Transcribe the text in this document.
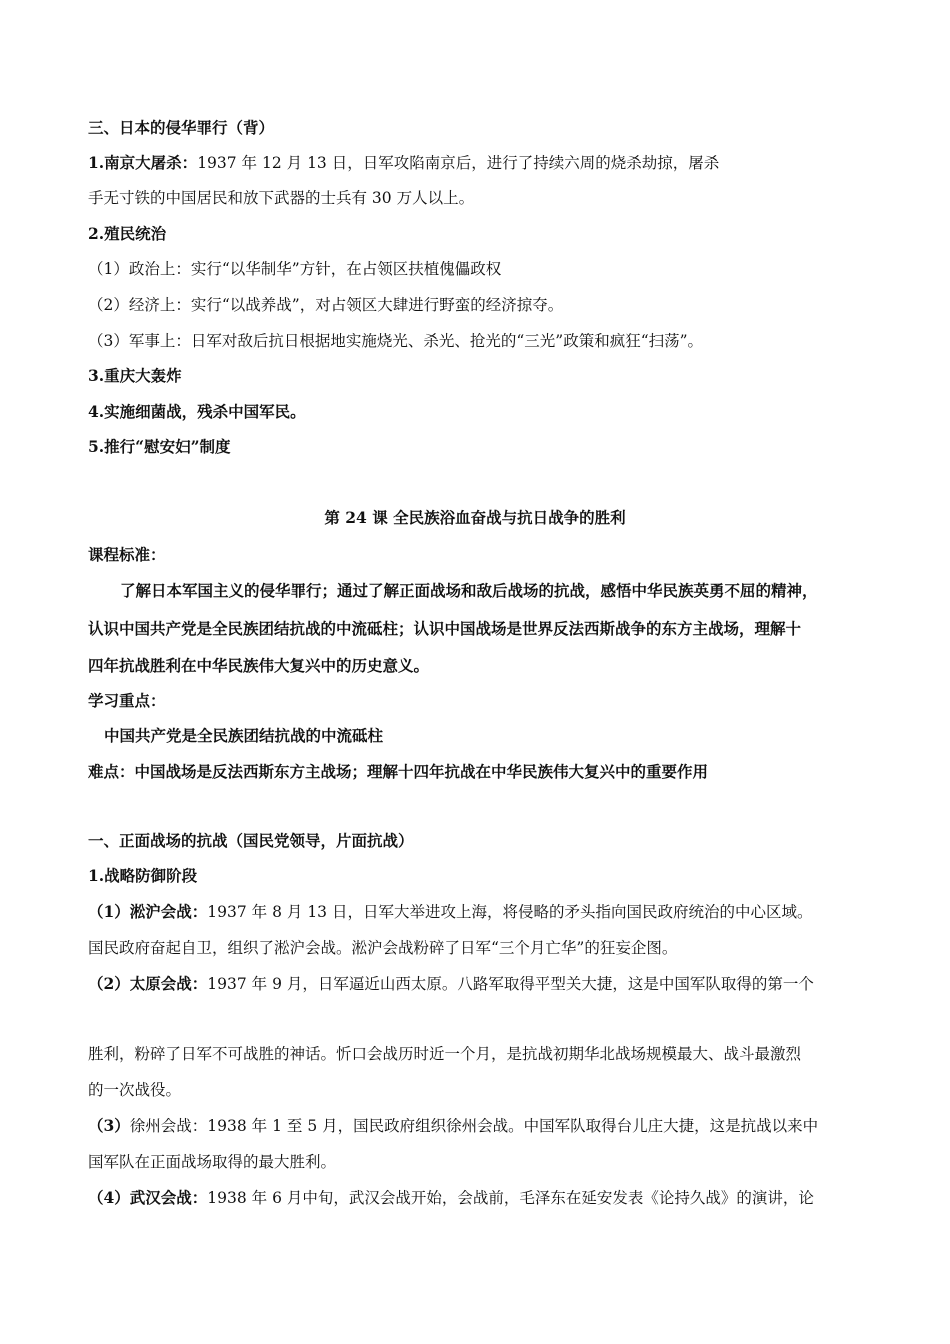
三、日本的侵华罪行（背）
1.南京大屠杀：1937 年 12 月 13 日，日军攻陷南京后，进行了持续六周的烧杀劫掠，屠杀
手无寸铁的中国居民和放下武器的士兵有 30 万人以上。
2.殖民统治
（1）政治上：实行“以华制华”方针，在占领区扶植傀儡政权
（2）经济上：实行“以战养战”，对占领区大肆进行野蛮的经济掠夺。
（3）军事上：日军对敌后抗日根据地实施烧光、杀光、抢光的“三光”政策和疯狂“扫荡”。
3.重庆大轰炸
4.实施细菌战，残杀中国军民。
5.推行“慰安妇”制度
第 24 课 全民族浴血奋战与抗日战争的胜利
课程标准：
了解日本军国主义的侵华罪行；通过了解正面战场和敌后战场的抗战，感悟中华民族英勇不屈的精神，
认识中国共产党是全民族团结抗战的中流砥柱；认识中国战场是世界反法西斯战争的东方主战场，理解十
四年抗战胜利在中华民族伟大复兴中的历史意义。
学习重点：
中国共产党是全民族团结抗战的中流砥柱
难点：中国战场是反法西斯东方主战场；理解十四年抗战在中华民族伟大复兴中的重要作用
一、正面战场的抗战（国民党领导，片面抗战）
1.战略防御阶段
（1）淞沪会战：1937 年 8 月 13 日，日军大举进攻上海，将侵略的矛头指向国民政府统治的中心区域。
国民政府奋起自卫，组织了淞沪会战。淞沪会战粉碎了日军“三个月亡华”的狂妄企图。
（2）太原会战：1937 年 9 月，日军逼近山西太原。八路军取得平型关大捷，这是中国军队取得的第一个
胜利，粉碎了日军不可战胜的神话。忻口会战历时近一个月，是抗战初期华北战场规模最大、战斗最激烈
的一次战役。
（3）徐州会战：1938 年 1 至 5 月，国民政府组织徐州会战。中国军队取得台儿庄大捷，这是抗战以来中
国军队在正面战场取得的最大胜利。
（4）武汉会战：1938 年 6 月中旬，武汉会战开始，会战前，毛泽东在延安发表《论持久战》的演讲，论
